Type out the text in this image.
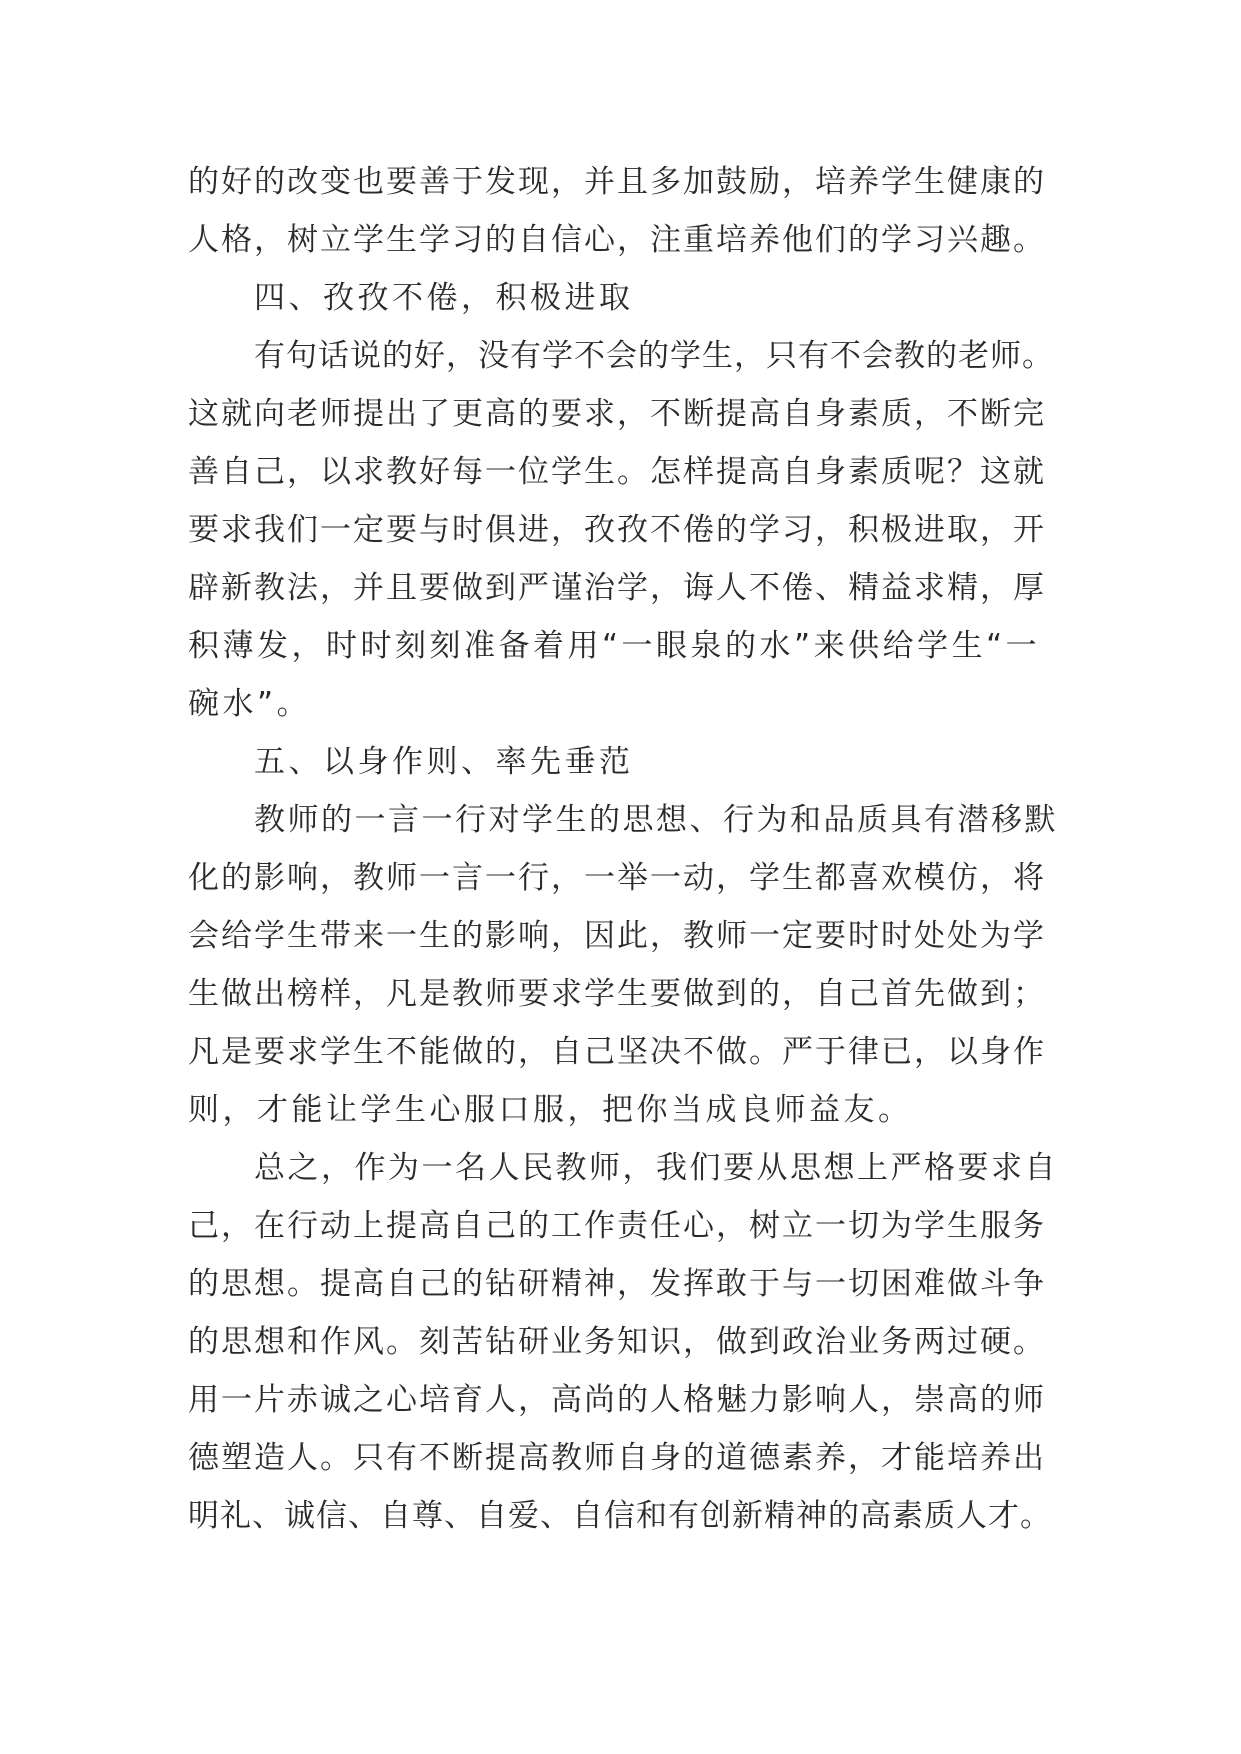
的好的改变也要善于发现，并且多加鼓励，培养学生健康的
人格，树立学生学习的自信心，注重培养他们的学习兴趣。
四、孜孜不倦，积极进取
有句话说的好，没有学不会的学生，只有不会教的老师。
这就向老师提出了更高的要求，不断提高自身素质，不断完
善自己，以求教好每一位学生。怎样提高自身素质呢？这就
要求我们一定要与时俱进，孜孜不倦的学习，积极进取，开
辟新教法，并且要做到严谨治学，诲人不倦、精益求精，厚
积薄发，时时刻刻准备着用“一眼泉的水”来供给学生“一
碗水”。
五、以身作则、率先垂范
教师的一言一行对学生的思想、行为和品质具有潜移默
化的影响，教师一言一行，一举一动，学生都喜欢模仿，将
会给学生带来一生的影响，因此，教师一定要时时处处为学
生做出榜样，凡是教师要求学生要做到的，自己首先做到；
凡是要求学生不能做的，自己坚决不做。严于律已，以身作
则，才能让学生心服口服，把你当成良师益友。
总之，作为一名人民教师，我们要从思想上严格要求自
己，在行动上提高自己的工作责任心，树立一切为学生服务
的思想。提高自己的钻研精神，发挥敢于与一切困难做斗争
的思想和作风。刻苦钻研业务知识，做到政治业务两过硬。
用一片赤诚之心培育人，高尚的人格魅力影响人，崇高的师
德塑造人。只有不断提高教师自身的道德素养，才能培养出
明礼、诚信、自尊、自爱、自信和有创新精神的高素质人才。
